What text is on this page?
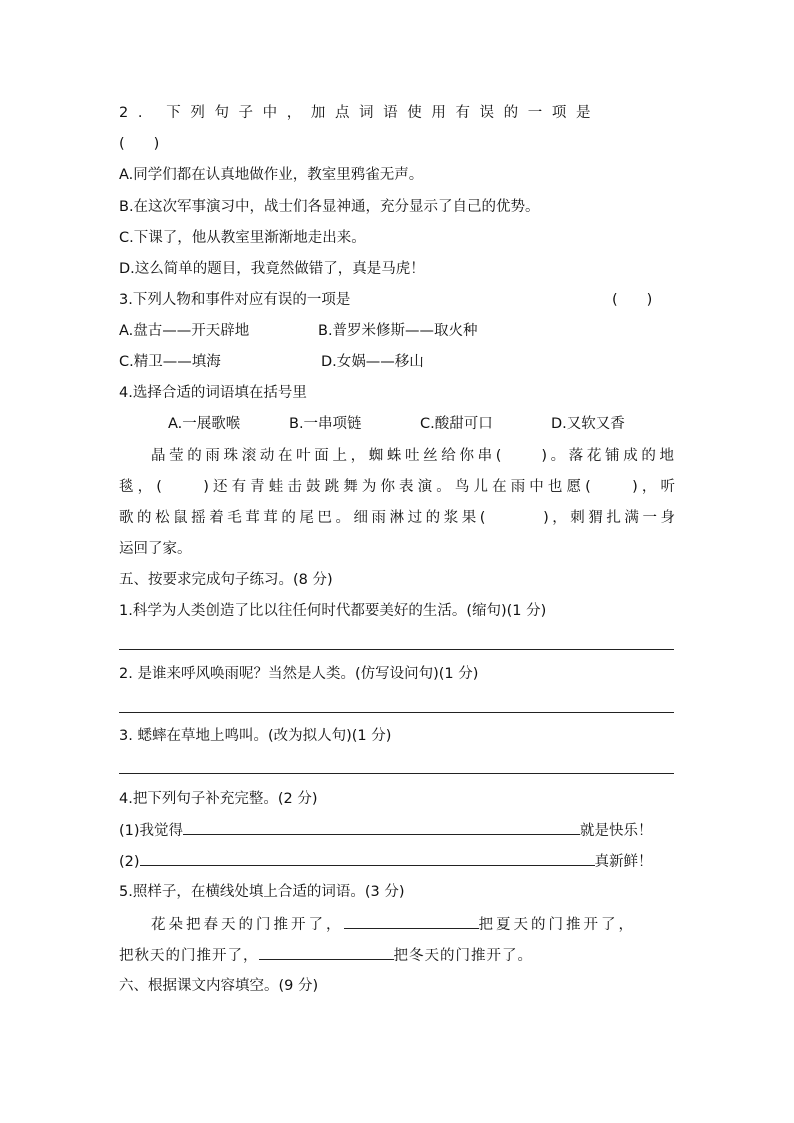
2. 下列句子中，加点词语使用有误的一项是
(　　)
A.同学们都在认真地做作业，教室里鸦雀无声。
B.在这次军事演习中，战士们各显神通，充分显示了自己的优势。
C.下课了，他从教室里渐渐地走出来。
D.这么简单的题目，我竟然做错了，真是马虎！
3.下列人物和事件对应有误的一项是	(　　)
A.盘古——开天辟地	B.普罗米修斯——取火种
C.精卫——填海	D.女娲——移山
4.选择合适的词语填在括号里
A.一展歌喉	B.一串项链	C.酸甜可口	D.又软又香
晶莹的雨珠滚动在叶面上，蜘蛛吐丝给你串(　　)。落花铺成的地
毯，(　　)还有青蛙击鼓跳舞为你表演。鸟儿在雨中也愿(　　)，听
歌的松鼠摇着毛茸茸的尾巴。细雨淋过的浆果(　　　)，刺猬扎满一身
运回了家。
五、按要求完成句子练习。(8 分)
1.科学为人类创造了比以往任何时代都要美好的生活。(缩句)(1 分)
2. 是谁来呼风唤雨呢？当然是人类。(仿写设问句)(1 分)
3. 蟋蟀在草地上鸣叫。(改为拟人句)(1 分)
4.把下列句子补充完整。(2 分)
(1)我觉得	就是快乐！
(2)	真新鲜！
5.照样子，在横线处填上合适的词语。(3 分)
花朵把春天的门推开了，	把夏天的门推开了，
把秋天的门推开了，	把冬天的门推开了。
六、根据课文内容填空。(9 分)
